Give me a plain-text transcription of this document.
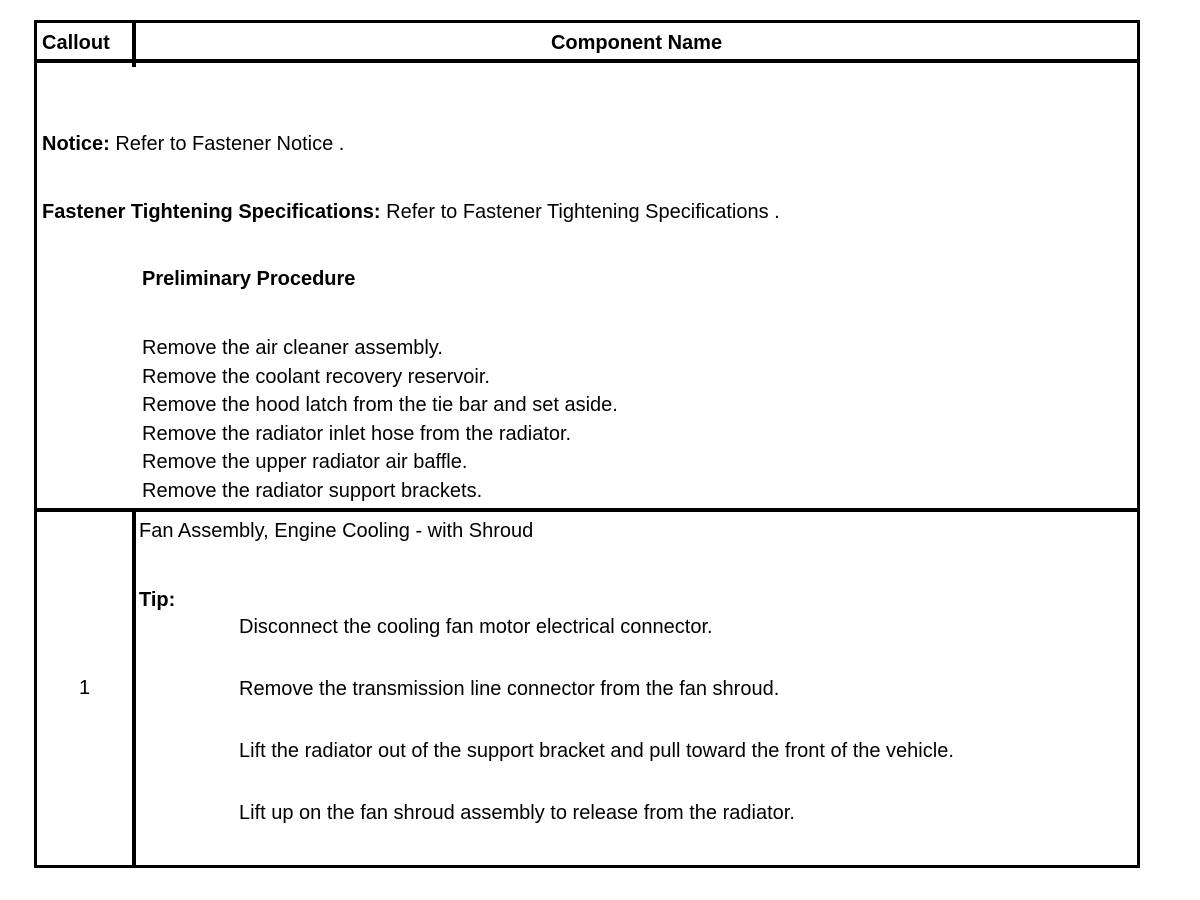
Callout	Component Name
Notice: Refer to Fastener Notice .
Fastener Tightening Specifications: Refer to Fastener Tightening Specifications .
Preliminary Procedure
Remove the air cleaner assembly.
Remove the coolant recovery reservoir.
Remove the hood latch from the tie bar and set aside.
Remove the radiator inlet hose from the radiator.
Remove the upper radiator air baffle.
Remove the radiator support brackets.
1
Fan Assembly, Engine Cooling - with Shroud
Tip:
Disconnect the cooling fan motor electrical connector.
Remove the transmission line connector from the fan shroud.
Lift the radiator out of the support bracket and pull toward the front of the vehicle.
Lift up on the fan shroud assembly to release from the radiator.
